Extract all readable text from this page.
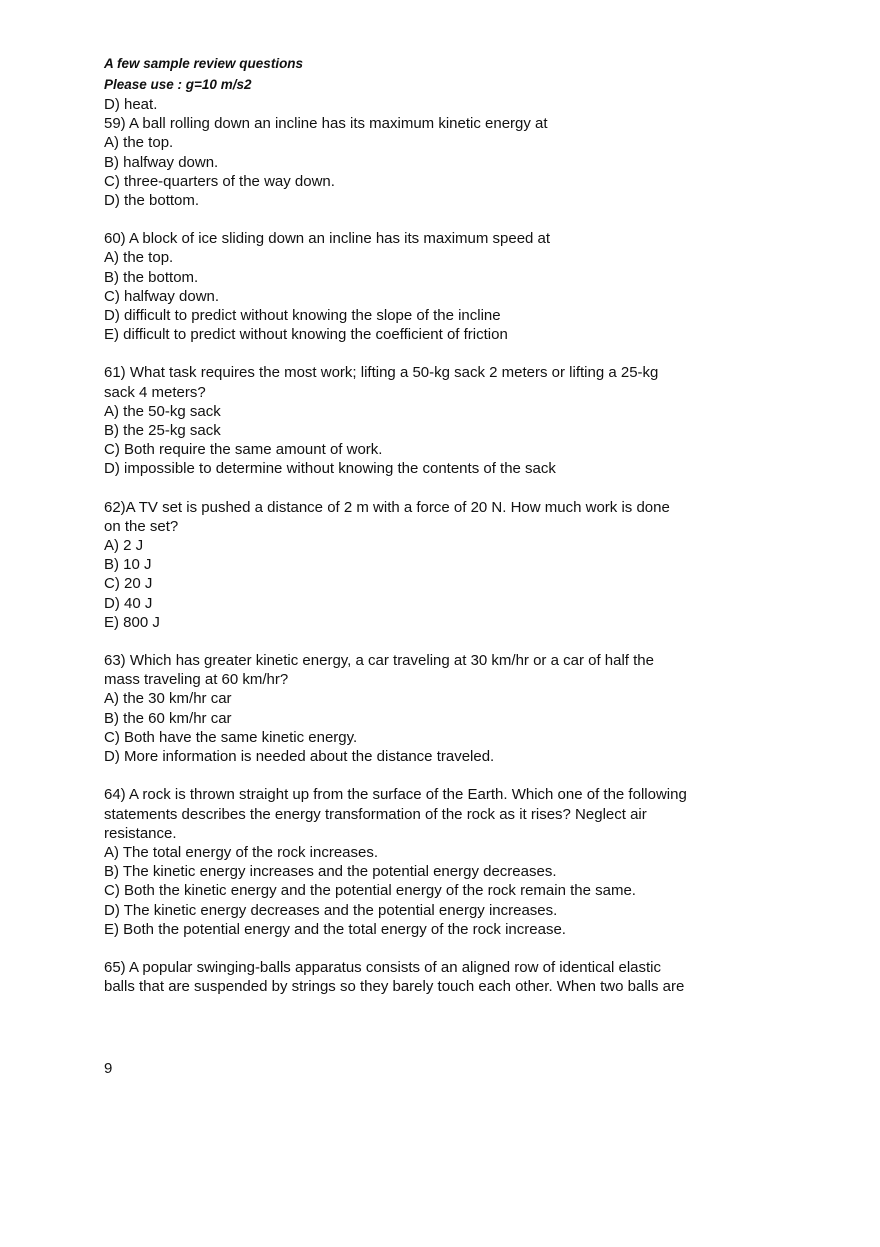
A few sample review questions

Please use : g=10 m/s2

D) heat.

59) A ball rolling down an incline has its maximum kinetic energy at

A) the top.

B) halfway down.

C) three-quarters of the way down.

D) the bottom.

60) A block of ice sliding down an incline has its maximum speed at

A) the top.

B) the bottom.

C) halfway down.

D) difficult to predict without knowing the slope of the incline

E) difficult to predict without knowing the coefficient of friction

61) What task requires the most work; lifting a 50-kg sack 2 meters or lifting a 25-kg

sack 4 meters?

A) the 50-kg sack

B) the 25-kg sack

C) Both require the same amount of work.

D) impossible to determine without knowing the contents of the sack

62)A TV set is pushed a distance of 2 m with a force of 20 N. How much work is done

on the set?

A) 2 J

B) 10 J

C) 20 J

D) 40 J

E) 800 J

63) Which has greater kinetic energy, a car traveling at 30 km/hr or a car of half the

mass traveling at 60 km/hr?

A) the 30 km/hr car

B) the 60 km/hr car

C) Both have the same kinetic energy.

D) More information is needed about the distance traveled.

64) A rock is thrown straight up from the surface of the Earth. Which one of the following

statements describes the energy transformation of the rock as it rises? Neglect air

resistance.

A) The total energy of the rock increases.

B) The kinetic energy increases and the potential energy decreases.

C) Both the kinetic energy and the potential energy of the rock remain the same.

D) The kinetic energy decreases and the potential energy increases.

E) Both the potential energy and the total energy of the rock increase.

65) A popular swinging-balls apparatus consists of an aligned row of identical elastic

balls that are suspended by strings so they barely touch each other. When two balls are

9
